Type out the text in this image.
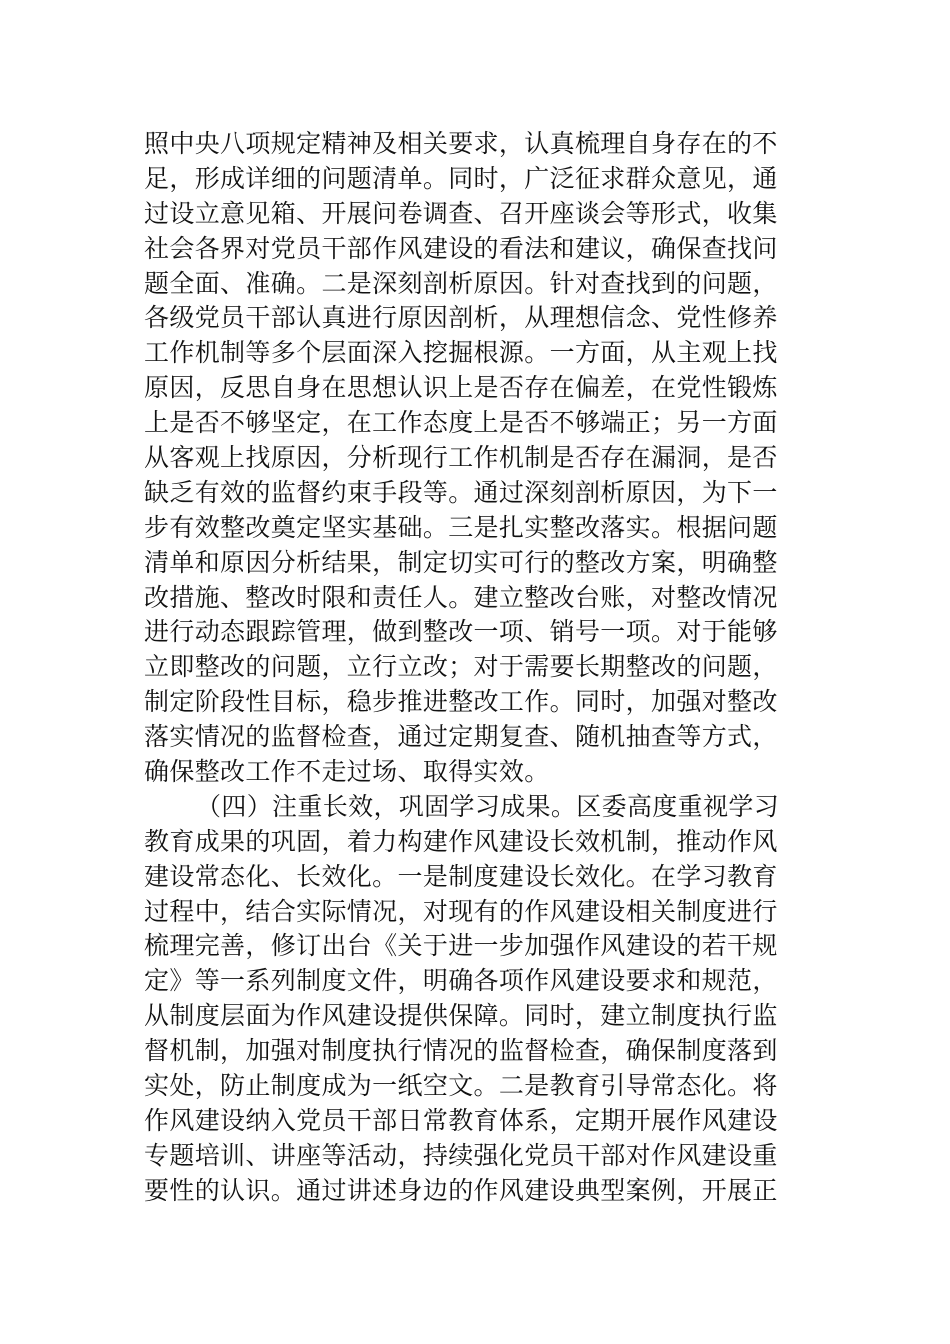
照中央八项规定精神及相关要求，认真梳理自身存在的不
足，形成详细的问题清单。同时，广泛征求群众意见，通
过设立意见箱、开展问卷调查、召开座谈会等形式，收集
社会各界对党员干部作风建设的看法和建议，确保查找问
题全面、准确。二是深刻剖析原因。针对查找到的问题，
各级党员干部认真进行原因剖析，从理想信念、党性修养
工作机制等多个层面深入挖掘根源。一方面，从主观上找
原因，反思自身在思想认识上是否存在偏差，在党性锻炼
上是否不够坚定，在工作态度上是否不够端正；另一方面
从客观上找原因，分析现行工作机制是否存在漏洞，是否
缺乏有效的监督约束手段等。通过深刻剖析原因，为下一
步有效整改奠定坚实基础。三是扎实整改落实。根据问题
清单和原因分析结果，制定切实可行的整改方案，明确整
改措施、整改时限和责任人。建立整改台账，对整改情况
进行动态跟踪管理，做到整改一项、销号一项。对于能够
立即整改的问题，立行立改；对于需要长期整改的问题，
制定阶段性目标，稳步推进整改工作。同时，加强对整改
落实情况的监督检查，通过定期复查、随机抽查等方式，
确保整改工作不走过场、取得实效。
（四）注重长效，巩固学习成果。区委高度重视学习
教育成果的巩固，着力构建作风建设长效机制，推动作风
建设常态化、长效化。一是制度建设长效化。在学习教育
过程中，结合实际情况，对现有的作风建设相关制度进行
梳理完善，修订出台《关于进一步加强作风建设的若干规
定》等一系列制度文件，明确各项作风建设要求和规范，
从制度层面为作风建设提供保障。同时，建立制度执行监
督机制，加强对制度执行情况的监督检查，确保制度落到
实处，防止制度成为一纸空文。二是教育引导常态化。将
作风建设纳入党员干部日常教育体系，定期开展作风建设
专题培训、讲座等活动，持续强化党员干部对作风建设重
要性的认识。通过讲述身边的作风建设典型案例，开展正
